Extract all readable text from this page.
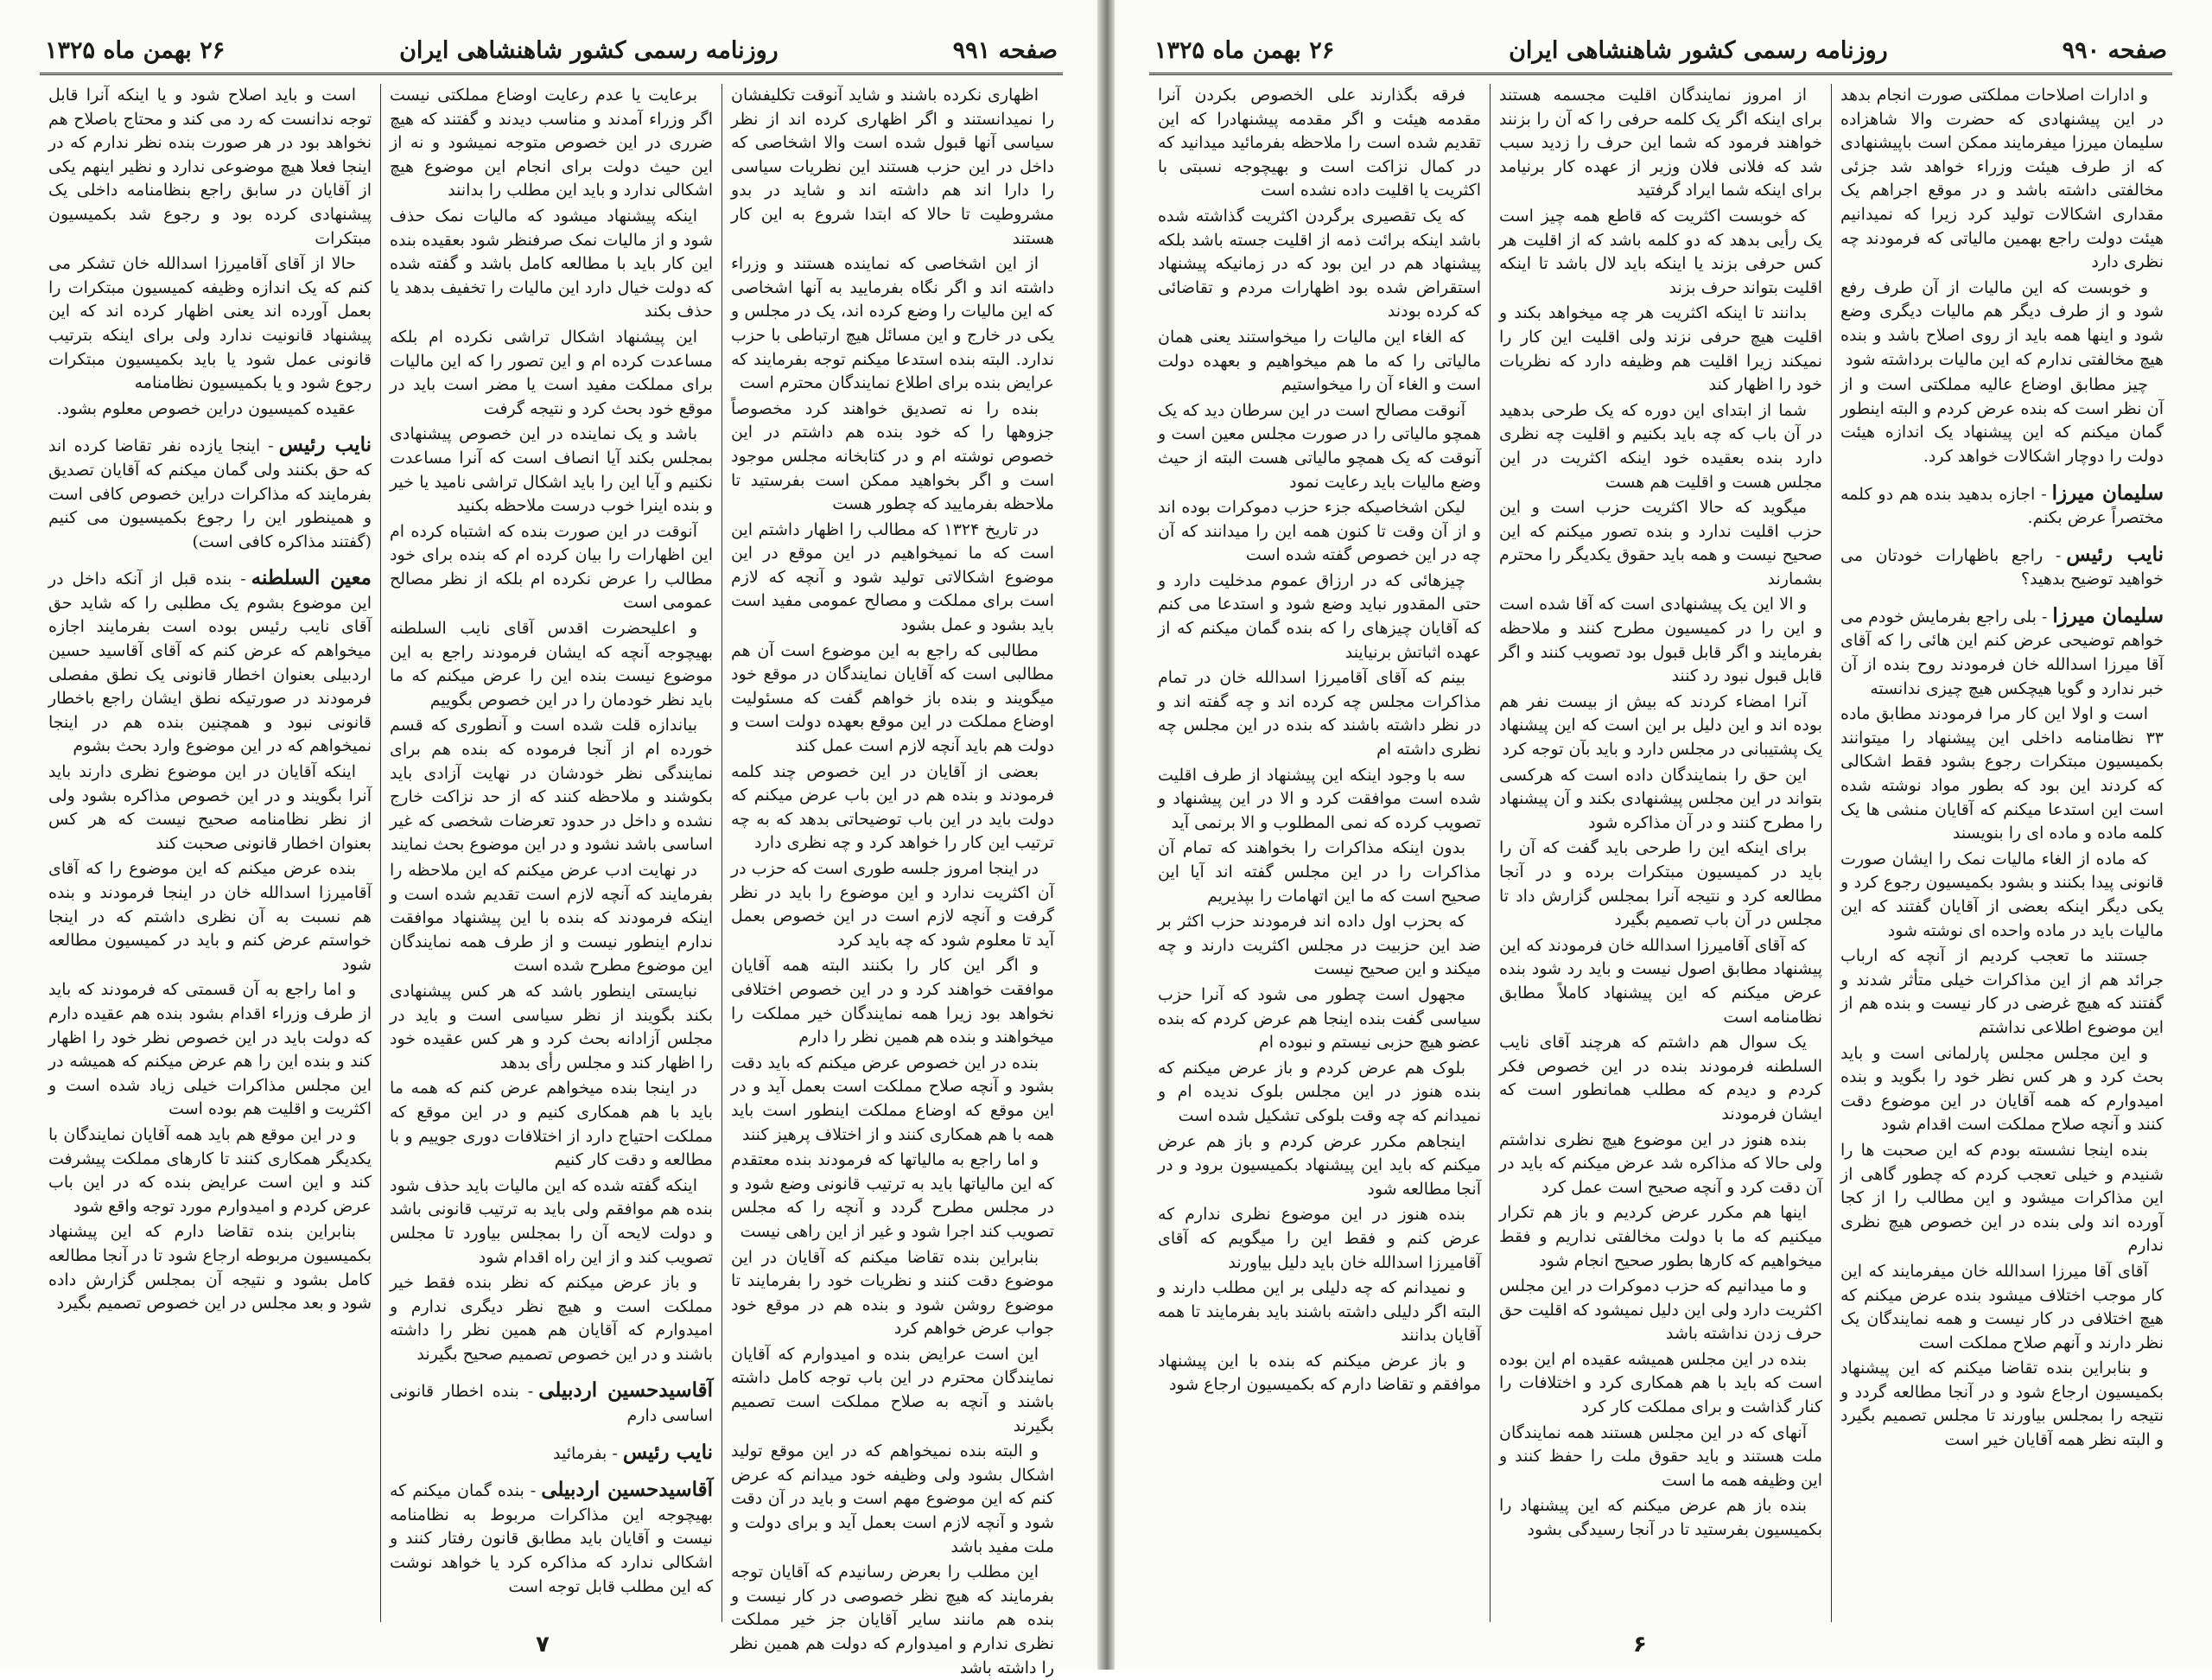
صفحه ۹۹۱
روزنامه رسمی کشور شاهنشاهی ایران
۲۶ بهمن ماه ۱۳۲۵

اظهاری نکرده باشند و شاید آنوقت تکلیفشان را نمیدانستند و اگر اظهاری کرده اند از نظر سیاسی آنها قبول شده است والا اشخاصی که داخل در این حزب هستند این نظریات سیاسی را دارا اند هم داشته اند و شاید در بدو مشروطیت تا حالا که ابتدا شروع به این کار هستند

از این اشخاصی که نماینده هستند و وزراء داشته اند و اگر نگاه بفرمایید به آنها اشخاصی که این مالیات را وضع کرده اند، یک در مجلس و یکی در خارج و این مسائل هیچ ارتباطی با حزب ندارد. البته بنده استدعا میکنم توجه بفرمایند که عرایض بنده برای اطلاع نمایندگان محترم است

بنده را نه تصدیق خواهند کرد مخصوصاً جزوهها را که خود بنده هم داشتم در این خصوص نوشته ام و در کتابخانه مجلس موجود است و اگر بخواهید ممکن است بفرستید تا ملاحظه بفرمایید که چطور هست

در تاریخ ۱۳۲۴ که مطالب را اظهار داشتم این است که ما نمیخواهیم در این موقع در این موضوع اشکالاتی تولید شود و آنچه که لازم است برای مملکت و مصالح عمومی مفید است باید بشود و عمل بشود

مطالبی که راجع به این موضوع است آن هم مطالبی است که آقایان نمایندگان در موقع خود میگویند و بنده باز خواهم گفت که مسئولیت اوضاع مملکت در این موقع بعهده دولت است و دولت هم باید آنچه لازم است عمل کند

بعضی از آقایان در این خصوص چند کلمه فرمودند و بنده هم در این باب عرض میکنم که دولت باید در این باب توضیحاتی بدهد که به چه ترتیب این کار را خواهد کرد و چه نظری دارد

در اینجا امروز جلسه طوری است که حزب در آن اکثریت ندارد و این موضوع را باید در نظر گرفت و آنچه لازم است در این خصوص بعمل آید تا معلوم شود که چه باید کرد

و اگر این کار را بکنند البته همه آقایان موافقت خواهند کرد و در این خصوص اختلافی نخواهد بود زیرا همه نمایندگان خیر مملکت را میخواهند و بنده هم همین نظر را دارم

بنده در این خصوص عرض میکنم که باید دقت بشود و آنچه صلاح مملکت است بعمل آید و در این موقع که اوضاع مملکت اینطور است باید همه با هم همکاری کنند و از اختلاف پرهیز کنند

و اما راجع به مالیاتها که فرمودند بنده معتقدم که این مالیاتها باید به ترتیب قانونی وضع شود و در مجلس مطرح گردد و آنچه را که مجلس تصویب کند اجرا شود و غیر از این راهی نیست

بنابراین بنده تقاضا میکنم که آقایان در این موضوع دقت کنند و نظریات خود را بفرمایند تا موضوع روشن شود و بنده هم در موقع خود جواب عرض خواهم کرد

این است عرایض بنده و امیدوارم که آقایان نمایندگان محترم در این باب توجه کامل داشته باشند و آنچه به صلاح مملکت است تصمیم بگیرند

و البته بنده نمیخواهم که در این موقع تولید اشکال بشود ولی وظیفه خود میدانم که عرض کنم که این موضوع مهم است و باید در آن دقت شود و آنچه لازم است بعمل آید و برای دولت و ملت مفید باشد

این مطلب را بعرض رسانیدم که آقایان توجه بفرمایند که هیچ نظر خصوصی در کار نیست و بنده هم مانند سایر آقایان جز خیر مملکت نظری ندارم و امیدوارم که دولت هم همین نظر را داشته باشد

برعایت یا عدم رعایت اوضاع مملکتی نیست اگر وزراء آمدند و مناسب دیدند و گفتند که هیچ ضرری در این خصوص متوجه نمیشود و نه از این حیث دولت برای انجام این موضوع هیچ اشکالی ندارد و باید این مطلب را بدانند

اینکه پیشنهاد میشود که مالیات نمک حذف شود و از مالیات نمک صرفنظر شود بعقیده بنده این کار باید با مطالعه کامل باشد و گفته شده که دولت خیال دارد این مالیات را تخفیف بدهد یا حذف بکند

این پیشنهاد اشکال تراشی نکرده ام بلکه مساعدت کرده ام و این تصور را که این مالیات برای مملکت مفید است یا مضر است باید در موقع خود بحث کرد و نتیجه گرفت

باشد و یک نماینده در این خصوص پیشنهادی بمجلس بکند آیا انصاف است که آنرا مساعدت نکنیم و آیا این را باید اشکال تراشی نامید یا خیر و بنده اینرا خوب درست ملاحظه بکنید

آنوقت در این صورت بنده که اشتباه کرده ام این اظهارات را بیان کرده ام که بنده برای خود مطالب را عرض نکرده ام بلکه از نظر مصالح عمومی است

و اعلیحضرت اقدس آقای نایب السلطنه بهیچوجه آنچه که ایشان فرمودند راجع به این موضوع نیست بنده این را عرض میکنم که ما باید نظر خودمان را در این خصوص بگوییم

بیاندازه قلت شده است و آنطوری که قسم خورده ام از آنجا فرموده که بنده هم برای نمایندگی نظر خودشان در نهایت آزادی باید بکوشند و ملاحظه کنند که از حد نزاکت خارج نشده و داخل در حدود تعرضات شخصی که غیر اساسی باشد نشود و در این موضوع بحث نمایند

در نهایت ادب عرض میکنم که این ملاحظه را بفرمایند که آنچه لازم است تقدیم شده است و اینکه فرمودند که بنده با این پیشنهاد موافقت ندارم اینطور نیست و از طرف همه نمایندگان این موضوع مطرح شده است

نبایستی اینطور باشد که هر کس پیشنهادی بکند بگویند از نظر سیاسی است و باید در مجلس آزادانه بحث کرد و هر کس عقیده خود را اظهار کند و مجلس رأی بدهد

در اینجا بنده میخواهم عرض کنم که همه ما باید با هم همکاری کنیم و در این موقع که مملکت احتیاج دارد از اختلافات دوری جوییم و با مطالعه و دقت کار کنیم

اینکه گفته شده که این مالیات باید حذف شود بنده هم موافقم ولی باید به ترتیب قانونی باشد و دولت لایحه آن را بمجلس بیاورد تا مجلس تصویب کند و از این راه اقدام شود

و باز عرض میکنم که نظر بنده فقط خیر مملکت است و هیچ نظر دیگری ندارم و امیدوارم که آقایان هم همین نظر را داشته باشند و در این خصوص تصمیم صحیح بگیرند

آقاسیدحسین اردبیلی- بنده اخطار قانونی اساسی دارم

نایب رئیس- بفرمائید

آقاسیدحسین اردبیلی- بنده گمان میکنم که بهیچوجه این مذاکرات مربوط به نظامنامه نیست و آقایان باید مطابق قانون رفتار کنند و اشکالی ندارد که مذاکره کرد یا خواهد نوشت که این مطلب قابل توجه است

است و باید اصلاح شود و یا اینکه آنرا قابل توجه ندانست که رد می کند و محتاج باصلاح هم نخواهد بود در هر صورت بنده نظر ندارم که در اینجا فعلا هیچ موضوعی ندارد و نظیر اینهم یکی از آقایان در سابق راجع بنظامنامه داخلی یک پیشنهادی کرده بود و رجوع شد بکمیسیون مبتکرات

حالا از آقای آقامیرزا اسدالله خان تشکر می کنم که یک اندازه وظیفه کمیسیون مبتکرات را بعمل آورده اند یعنی اظهار کرده اند که این پیشنهاد قانونیت ندارد ولی برای اینکه بترتیب قانونی عمل شود یا باید بکمیسیون مبتکرات رجوع شود و یا بکمیسیون نظامنامه

عقیده کمیسیون دراین خصوص معلوم بشود.

نایب رئیس- اینجا یازده نفر تقاضا کرده اند که حق بکنند ولی گمان میکنم که آقایان تصدیق بفرمایند که مذاکرات دراین خصوص کافی است و همینطور این را رجوع بکمیسیون می کنیم (گفتند مذاکره کافی است)

معین السلطنه- بنده قبل از آنکه داخل در این موضوع بشوم یک مطلبی را که شاید حق آقای نایب رئیس بوده است بفرمایند اجازه میخواهم که عرض کنم که آقای آقاسید حسین اردبیلی بعنوان اخطار قانونی یک نطق مفصلی فرمودند در صورتیکه نطق ایشان راجع باخطار قانونی نبود و همچنین بنده هم در اینجا نمیخواهم که در این موضوع وارد بحث بشوم

اینکه آقایان در این موضوع نظری دارند باید آنرا بگویند و در این خصوص مذاکره بشود ولی از نظر نظامنامه صحیح نیست که هر کس بعنوان اخطار قانونی صحبت کند

بنده عرض میکنم که این موضوع را که آقای آقامیرزا اسدالله خان در اینجا فرمودند و بنده هم نسبت به آن نظری داشتم که در اینجا خواستم عرض کنم و باید در کمیسیون مطالعه شود

و اما راجع به آن قسمتی که فرمودند که باید از طرف وزراء اقدام بشود بنده هم عقیده دارم که دولت باید در این خصوص نظر خود را اظهار کند و بنده این را هم عرض میکنم که همیشه در این مجلس مذاکرات خیلی زیاد شده است و اکثریت و اقلیت هم بوده است

و در این موقع هم باید همه آقایان نمایندگان با یکدیگر همکاری کنند تا کارهای مملکت پیشرفت کند و این است عرایض بنده که در این باب عرض کردم و امیدوارم مورد توجه واقع شود

بنابراین بنده تقاضا دارم که این پیشنهاد بکمیسیون مربوطه ارجاع شود تا در آنجا مطالعه کامل بشود و نتیجه آن بمجلس گزارش داده شود و بعد مجلس در این خصوص تصمیم بگیرد

۷
صفحه ۹۹۰
روزنامه رسمی کشور شاهنشاهی ایران
۲۶ بهمن ماه ۱۳۲۵

و ادارات اصلاحات مملکتی صورت انجام بدهد در این پیشنهادی که حضرت والا شاهزاده سلیمان میرزا میفرمایند ممکن است باپیشنهادی که از طرف هیئت وزراء خواهد شد جزئی مخالفتی داشته باشد و در موقع اجراهم یک مقداری اشکالات تولید کرد زیرا که نمیدانیم هیئت دولت راجع بهمین مالیاتی که فرمودند چه نظری دارد

و خوبست که این مالیات از آن طرف رفع شود و از طرف دیگر هم مالیات دیگری وضع شود و اینها همه باید از روی اصلاح باشد و بنده هیچ مخالفتی ندارم که این مالیات برداشته شود

چیز مطابق اوضاع عالیه مملکتی است و از آن نظر است که بنده عرض کردم و البته اینطور گمان میکنم که این پیشنهاد یک اندازه هیئت دولت را دوچار اشکالات خواهد کرد.

سلیمان میرزا- اجازه بدهید بنده هم دو کلمه مختصراً عرض بکنم.

نایب رئیس- راجع باظهارات خودتان می خواهید توضیح بدهید؟

سلیمان میرزا- بلی راجع بفرمایش خودم می خواهم توضیحی عرض کنم این هائی را که آقای آقا میرزا اسدالله خان فرمودند روح بنده از آن خبر ندارد و گویا هیچکس هیچ چیزی ندانسته

است و اولا این کار مرا فرمودند مطابق ماده ۳۳ نظامنامه داخلی این پیشنهاد را میتوانند بکمیسیون مبتکرات رجوع بشود فقط اشکالی که کردند این بود که بطور مواد نوشته شده است این استدعا میکنم که آقایان منشی ها یک کلمه ماده و ماده ای را بنویسند

که ماده از الغاء مالیات نمک را ایشان صورت قانونی پیدا بکنند و بشود بکمیسیون رجوع کرد و یکی دیگر اینکه بعضی از آقایان گفتند که این مالیات باید در ماده واحده ای نوشته شود

جستند ما تعجب کردیم از آنچه که ارباب جرائد هم از این مذاکرات خیلی متأثر شدند و گفتند که هیچ غرضی در کار نیست و بنده هم از این موضوع اطلاعی نداشتم

و این مجلس مجلس پارلمانی است و باید بحث کرد و هر کس نظر خود را بگوید و بنده امیدوارم که همه آقایان در این موضوع دقت کنند و آنچه صلاح مملکت است اقدام شود

بنده اینجا نشسته بودم که این صحبت ها را شنیدم و خیلی تعجب کردم که چطور گاهی از این مذاکرات میشود و این مطالب را از کجا آورده اند ولی بنده در این خصوص هیچ نظری ندارم

آقای آقا میرزا اسدالله خان میفرمایند که این کار موجب اختلاف میشود بنده عرض میکنم که هیچ اختلافی در کار نیست و همه نمایندگان یک نظر دارند و آنهم صلاح مملکت است

و بنابراین بنده تقاضا میکنم که این پیشنهاد بکمیسیون ارجاع شود و در آنجا مطالعه گردد و نتیجه را بمجلس بیاورند تا مجلس تصمیم بگیرد و البته نظر همه آقایان خیر است

از امروز نمایندگان اقلیت مجسمه هستند برای اینکه اگر یک کلمه حرفی را که آن را بزنند خواهند فرمود که شما این حرف را زدید سبب شد که فلانی فلان وزیر از عهده کار برنیامد برای اینکه شما ایراد گرفتید

که خوبست اکثریت که قاطع همه چیز است یک رأیی بدهد که دو کلمه باشد که از اقلیت هر کس حرفی بزند یا اینکه باید لال باشد تا اینکه اقلیت بتواند حرف بزند

بدانند تا اینکه اکثریت هر چه میخواهد بکند و اقلیت هیچ حرفی نزند ولی اقلیت این کار را نمیکند زیرا اقلیت هم وظیفه دارد که نظریات خود را اظهار کند

شما از ابتدای این دوره که یک طرحی بدهید در آن باب که چه باید بکنیم و اقلیت چه نظری دارد بنده بعقیده خود اینکه اکثریت در این مجلس هست و اقلیت هم هست

میگوید که حالا اکثریت حزب است و این حزب اقلیت ندارد و بنده تصور میکنم که این صحیح نیست و همه باید حقوق یکدیگر را محترم بشمارند

و الا این یک پیشنهادی است که آقا شده است و این را در کمیسیون مطرح کنند و ملاحظه بفرمایند و اگر قابل قبول بود تصویب کنند و اگر قابل قبول نبود رد کنند

آنرا امضاء کردند که بیش از بیست نفر هم بوده اند و این دلیل بر این است که این پیشنهاد یک پشتیبانی در مجلس دارد و باید بآن توجه کرد

این حق را بنمایندگان داده است که هرکسی بتواند در این مجلس پیشنهادی بکند و آن پیشنهاد را مطرح کنند و در آن مذاکره شود

برای اینکه این را طرحی باید گفت که آن را باید در کمیسیون مبتکرات برده و در آنجا مطالعه کرد و نتیجه آنرا بمجلس گزارش داد تا مجلس در آن باب تصمیم بگیرد

که آقای آقامیرزا اسدالله خان فرمودند که این پیشنهاد مطابق اصول نیست و باید رد شود بنده عرض میکنم که این پیشنهاد کاملاً مطابق نظامنامه است

یک سوال هم داشتم که هرچند آقای نایب السلطنه فرمودند بنده در این خصوص فکر کردم و دیدم که مطلب همانطور است که ایشان فرمودند

بنده هنوز در این موضوع هیچ نظری نداشتم ولی حالا که مذاکره شد عرض میکنم که باید در آن دقت کرد و آنچه صحیح است عمل کرد

اینها هم مکرر عرض کردیم و باز هم تکرار میکنیم که ما با دولت مخالفتی نداریم و فقط میخواهیم که کارها بطور صحیح انجام شود

و ما میدانیم که حزب دموکرات در این مجلس اکثریت دارد ولی این دلیل نمیشود که اقلیت حق حرف زدن نداشته باشد

بنده در این مجلس همیشه عقیده ام این بوده است که باید با هم همکاری کرد و اختلافات را کنار گذاشت و برای مملکت کار کرد

آنهای که در این مجلس هستند همه نمایندگان ملت هستند و باید حقوق ملت را حفظ کنند و این وظیفه همه ما است

بنده باز هم عرض میکنم که این پیشنهاد را بکمیسیون بفرستید تا در آنجا رسیدگی بشود

فرقه بگذارند علی الخصوص بکردن آنرا مقدمه هیئت و اگر مقدمه پیشنهادرا که این تقدیم شده است را ملاحظه بفرمائید میدانید که در کمال نزاکت است و بهیچوجه نسبتی با اکثریت یا اقلیت داده نشده است

که یک تقصیری برگردن اکثریت گذاشته شده باشد اینکه برائت ذمه از اقلیت جسته باشد بلکه پیشنهاد هم در این بود که در زمانیکه پیشنهاد استقراض شده بود اظهارات مردم و تقاضائی که کرده بودند

که الغاء این مالیات را میخواستند یعنی همان مالیاتی را که ما هم میخواهیم و بعهده دولت است و الغاء آن را میخواستیم

آنوقت مصالح است در این سرطان دید که یک همچو مالیاتی را در صورت مجلس معین است و آنوقت که یک همچو مالیاتی هست البته از حیث وضع مالیات باید رعایت نمود

لیکن اشخاصیکه جزء حزب دموکرات بوده اند و از آن وقت تا کنون همه این را میدانند که آن چه در این خصوص گفته شده است

چیزهائی که در ارزاق عموم مدخلیت دارد و حتی المقدور نباید وضع شود و استدعا می کنم که آقایان چیزهای را که بنده گمان میکنم که از عهده اثباتش برنیایند

بینم که آقای آقامیرزا اسدالله خان در تمام مذاکرات مجلس چه کرده اند و چه گفته اند و در نظر داشته باشند که بنده در این مجلس چه نظری داشته ام

سه با وجود اینکه این پیشنهاد از طرف اقلیت شده است موافقت کرد و الا در این پیشنهاد و تصویب کرده که نمی المطلوب و الا برنمی آید

بدون اینکه مذاکرات را بخواهند که تمام آن مذاکرات را در این مجلس گفته اند آیا این صحیح است که ما این اتهامات را بپذیریم

که بحزب اول داده اند فرمودند حزب اکثر بر ضد این حزبیت در مجلس اکثریت دارند و چه میکند و این صحیح نیست

مجهول است چطور می شود که آنرا حزب سیاسی گفت بنده اینجا هم عرض کردم که بنده عضو هیچ حزبی نیستم و نبوده ام

بلوک هم عرض کردم و باز عرض میکنم که بنده هنوز در این مجلس بلوک ندیده ام و نمیدانم که چه وقت بلوکی تشکیل شده است

اینجاهم مکرر عرض کردم و باز هم عرض میکنم که باید این پیشنهاد بکمیسیون برود و در آنجا مطالعه شود

بنده هنوز در این موضوع نظری ندارم که عرض کنم و فقط این را میگویم که آقای آقامیرزا اسدالله خان باید دلیل بیاورند

و نمیدانم که چه دلیلی بر این مطلب دارند و البته اگر دلیلی داشته باشند باید بفرمایند تا همه آقایان بدانند

و باز عرض میکنم که بنده با این پیشنهاد موافقم و تقاضا دارم که بکمیسیون ارجاع شود

۶
